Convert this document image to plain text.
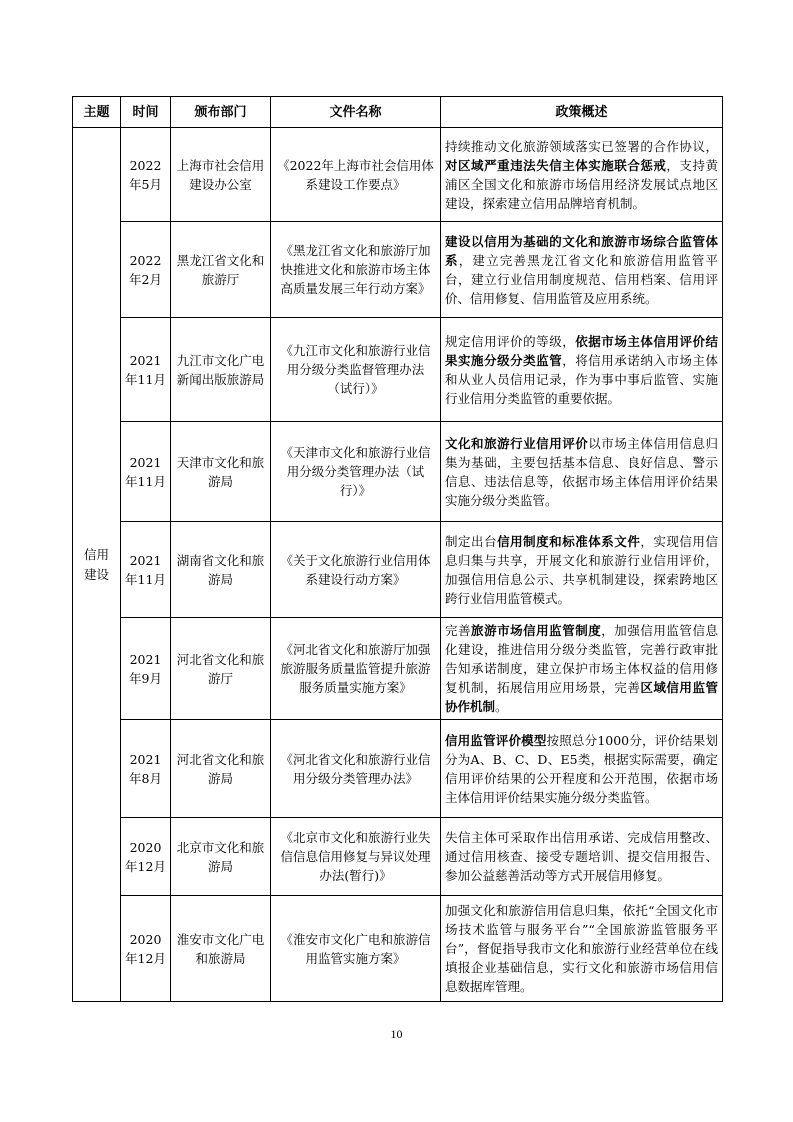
主题	时间	颁布部门	文件名称	政策概述
信用建设	2022年5月	上海市社会信用建设办公室	《2022年上海市社会信用体系建设工作要点》	持续推动文化旅游领域落实已签署的合作协议，对区域严重违法失信主体实施联合惩戒，支持黄浦区全国文化和旅游市场信用经济发展试点地区建设，探索建立信用品牌培育机制。
	2022年2月	黑龙江省文化和旅游厅	《黑龙江省文化和旅游厅加快推进文化和旅游市场主体高质量发展三年行动方案》	建设以信用为基础的文化和旅游市场综合监管体系，建立完善黑龙江省文化和旅游信用监管平台，建立行业信用制度规范、信用档案、信用评价、信用修复、信用监管及应用系统。
	2021年11月	九江市文化广电新闻出版旅游局	《九江市文化和旅游行业信用分级分类监督管理办法（试行）》	规定信用评价的等级，依据市场主体信用评价结果实施分级分类监管，将信用承诺纳入市场主体和从业人员信用记录，作为事中事后监管、实施行业信用分类监管的重要依据。
	2021年11月	天津市文化和旅游局	《天津市文化和旅游行业信用分级分类管理办法（试行）》	文化和旅游行业信用评价以市场主体信用信息归集为基础，主要包括基本信息、良好信息、警示信息、违法信息等，依据市场主体信用评价结果实施分级分类监管。
	2021年11月	湖南省文化和旅游局	《关于文化旅游行业信用体系建设行动方案》	制定出台信用制度和标准体系文件，实现信用信息归集与共享，开展文化和旅游行业信用评价，加强信用信息公示、共享机制建设，探索跨地区跨行业信用监管模式。
	2021年9月	河北省文化和旅游厅	《河北省文化和旅游厅加强旅游服务质量监管提升旅游服务质量实施方案》	完善旅游市场信用监管制度，加强信用监管信息化建设，推进信用分级分类监管，完善行政审批告知承诺制度，建立保护市场主体权益的信用修复机制，拓展信用应用场景，完善区域信用监管协作机制。
	2021年8月	河北省文化和旅游局	《河北省文化和旅游行业信用分级分类管理办法》	信用监管评价模型按照总分1000分，评价结果划分为A、B、C、D、E5类，根据实际需要，确定信用评价结果的公开程度和公开范围，依据市场主体信用评价结果实施分级分类监管。
	2020年12月	北京市文化和旅游局	《北京市文化和旅游行业失信信息信用修复与异议处理办法(暂行)》	失信主体可采取作出信用承诺、完成信用整改、通过信用核查、接受专题培训、提交信用报告、参加公益慈善活动等方式开展信用修复。
	2020年12月	淮安市文化广电和旅游局	《淮安市文化广电和旅游信用监管实施方案》	加强文化和旅游信用信息归集，依托“全国文化市场技术监管与服务平台”“全国旅游监管服务平台”，督促指导我市文化和旅游行业经营单位在线填报企业基础信息，实行文化和旅游市场信用信息数据库管理。
10
